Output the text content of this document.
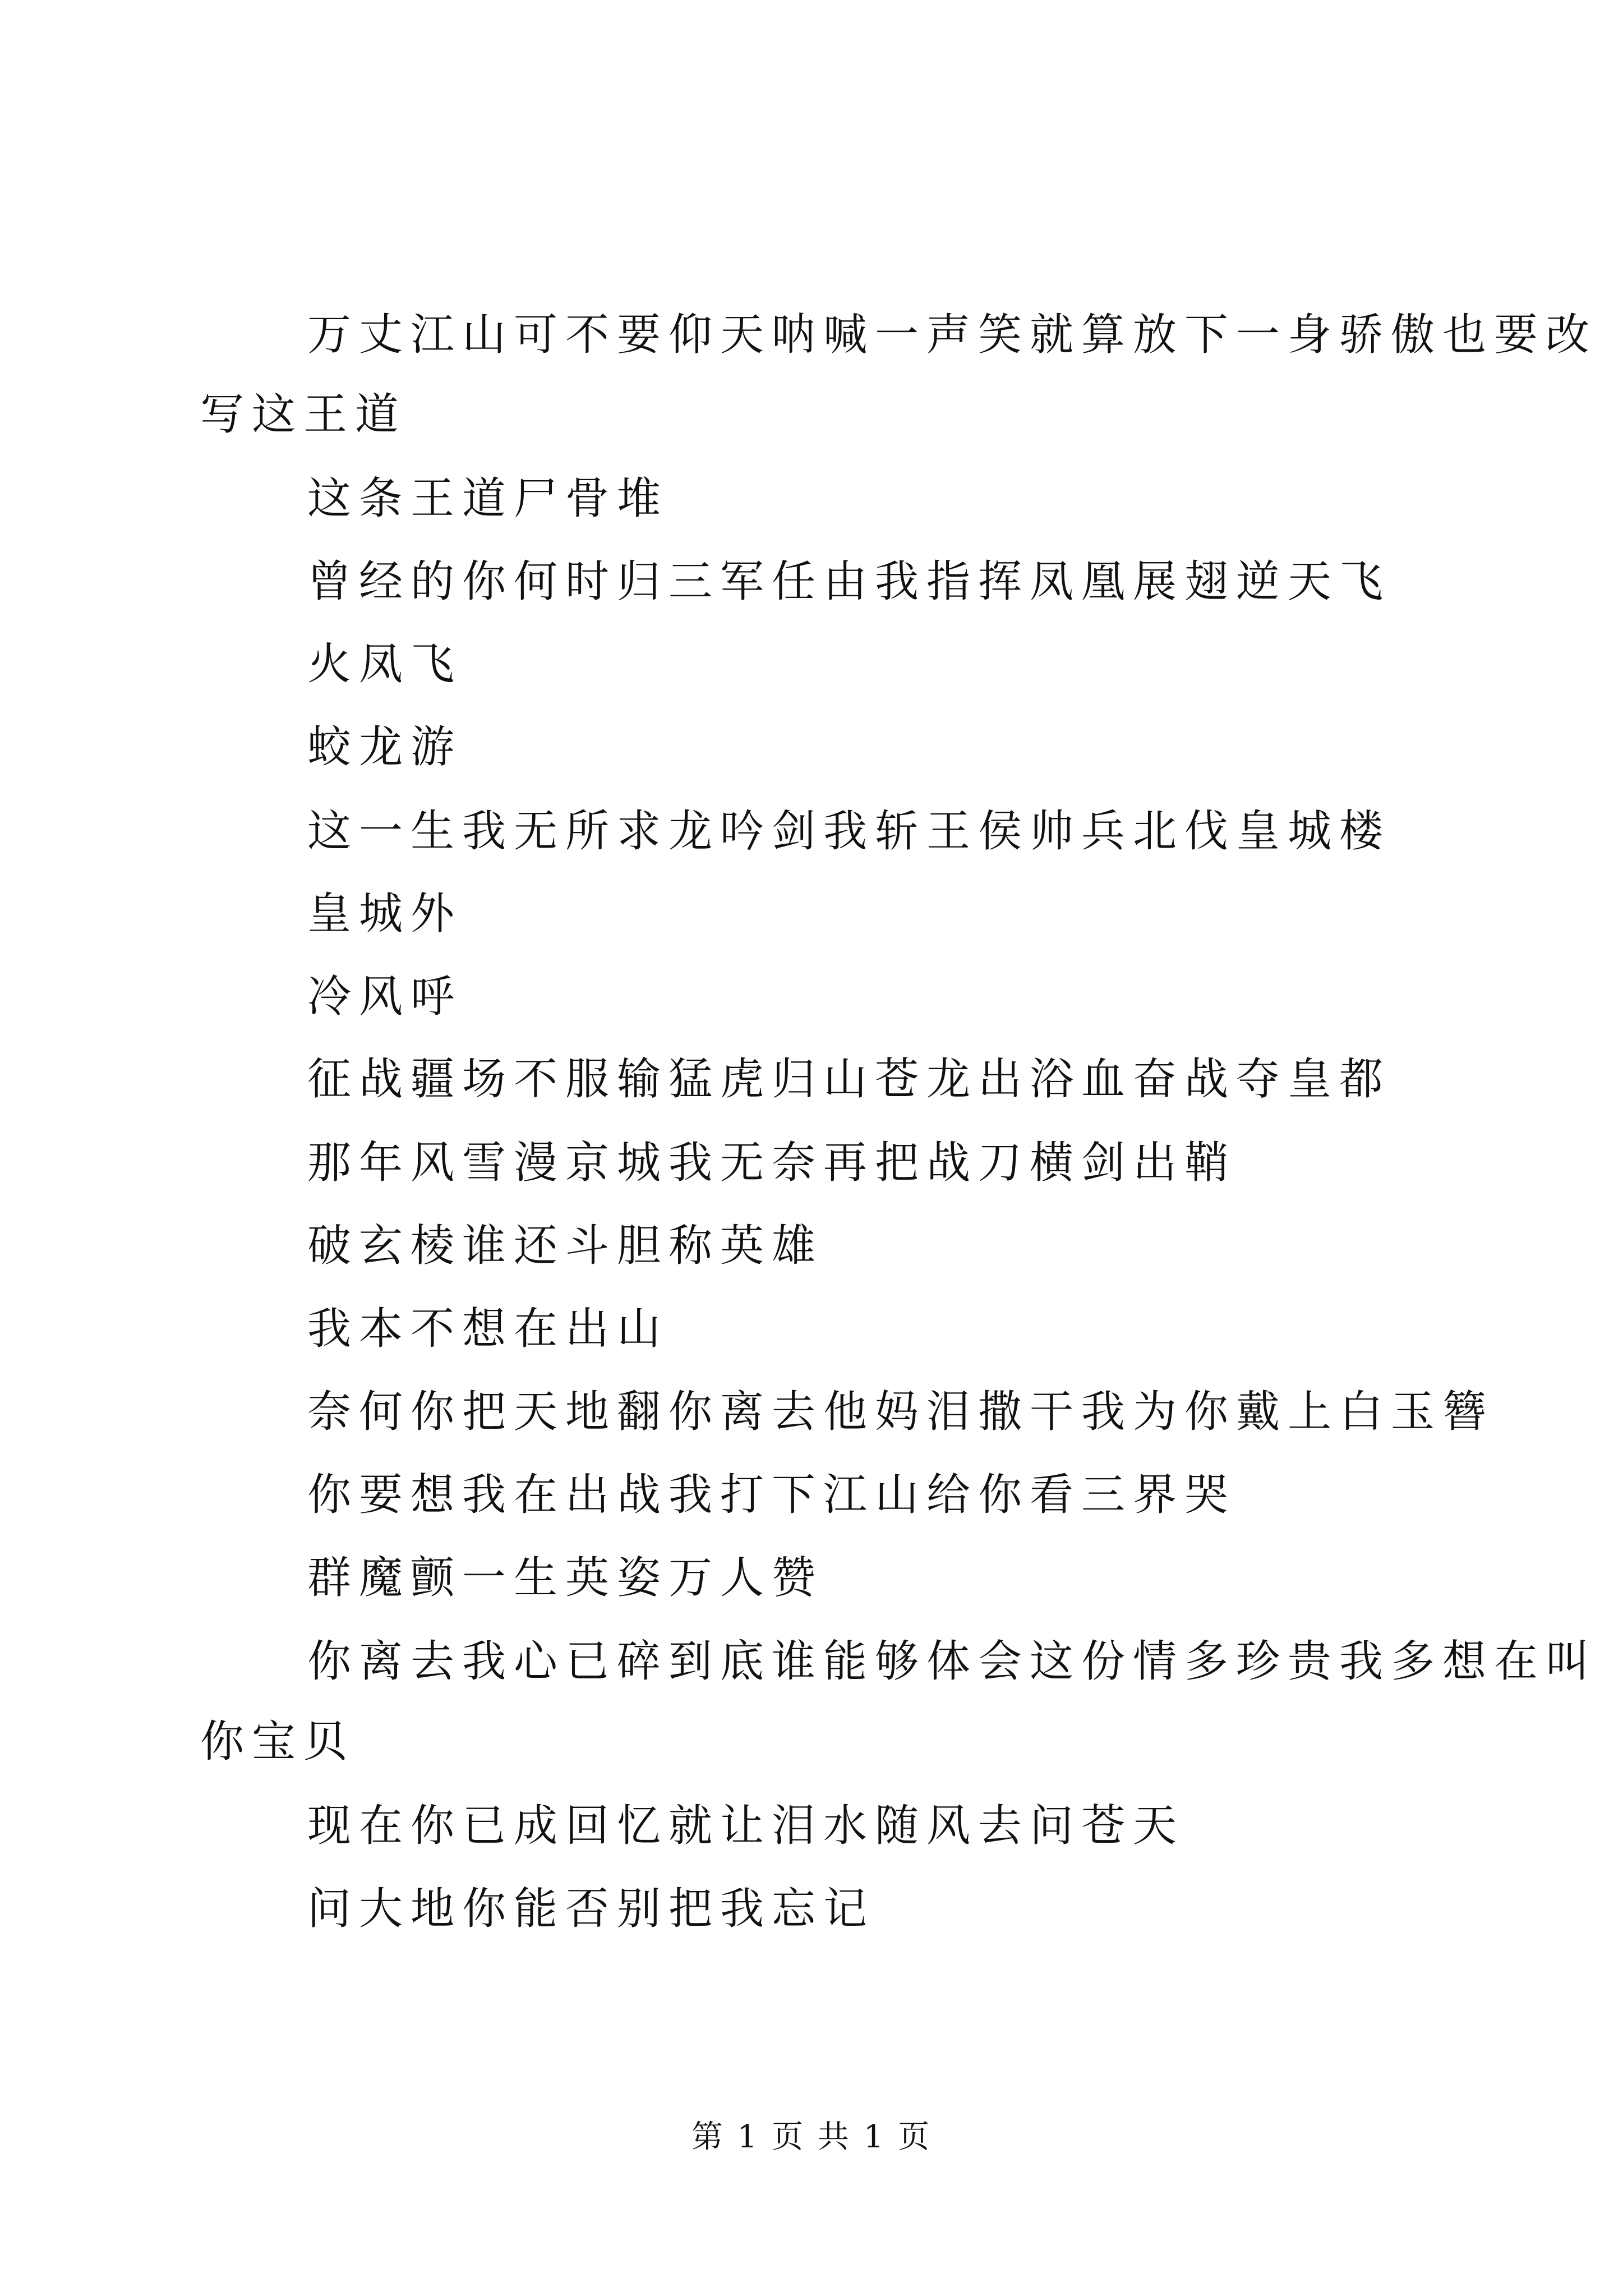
万丈江山可不要仰天呐喊一声笑就算放下一身骄傲也要改

写这王道

这条王道尸骨堆

曾经的你何时归三军任由我指挥凤凰展翅逆天飞

火凤飞

蛟龙游

这一生我无所求龙吟剑我斩王侯帅兵北伐皇城楼

皇城外

冷风呼

征战疆场不服输猛虎归山苍龙出浴血奋战夺皇都

那年风雪漫京城我无奈再把战刀横剑出鞘

破玄棱谁还斗胆称英雄

我本不想在出山

奈何你把天地翻你离去他妈泪撒干我为你戴上白玉簪

你要想我在出战我打下江山给你看三界哭

群魔颤一生英姿万人赞

你离去我心已碎到底谁能够体会这份情多珍贵我多想在叫

你宝贝

现在你已成回忆就让泪水随风去问苍天

问大地你能否别把我忘记

第 1 页 共 1 页
